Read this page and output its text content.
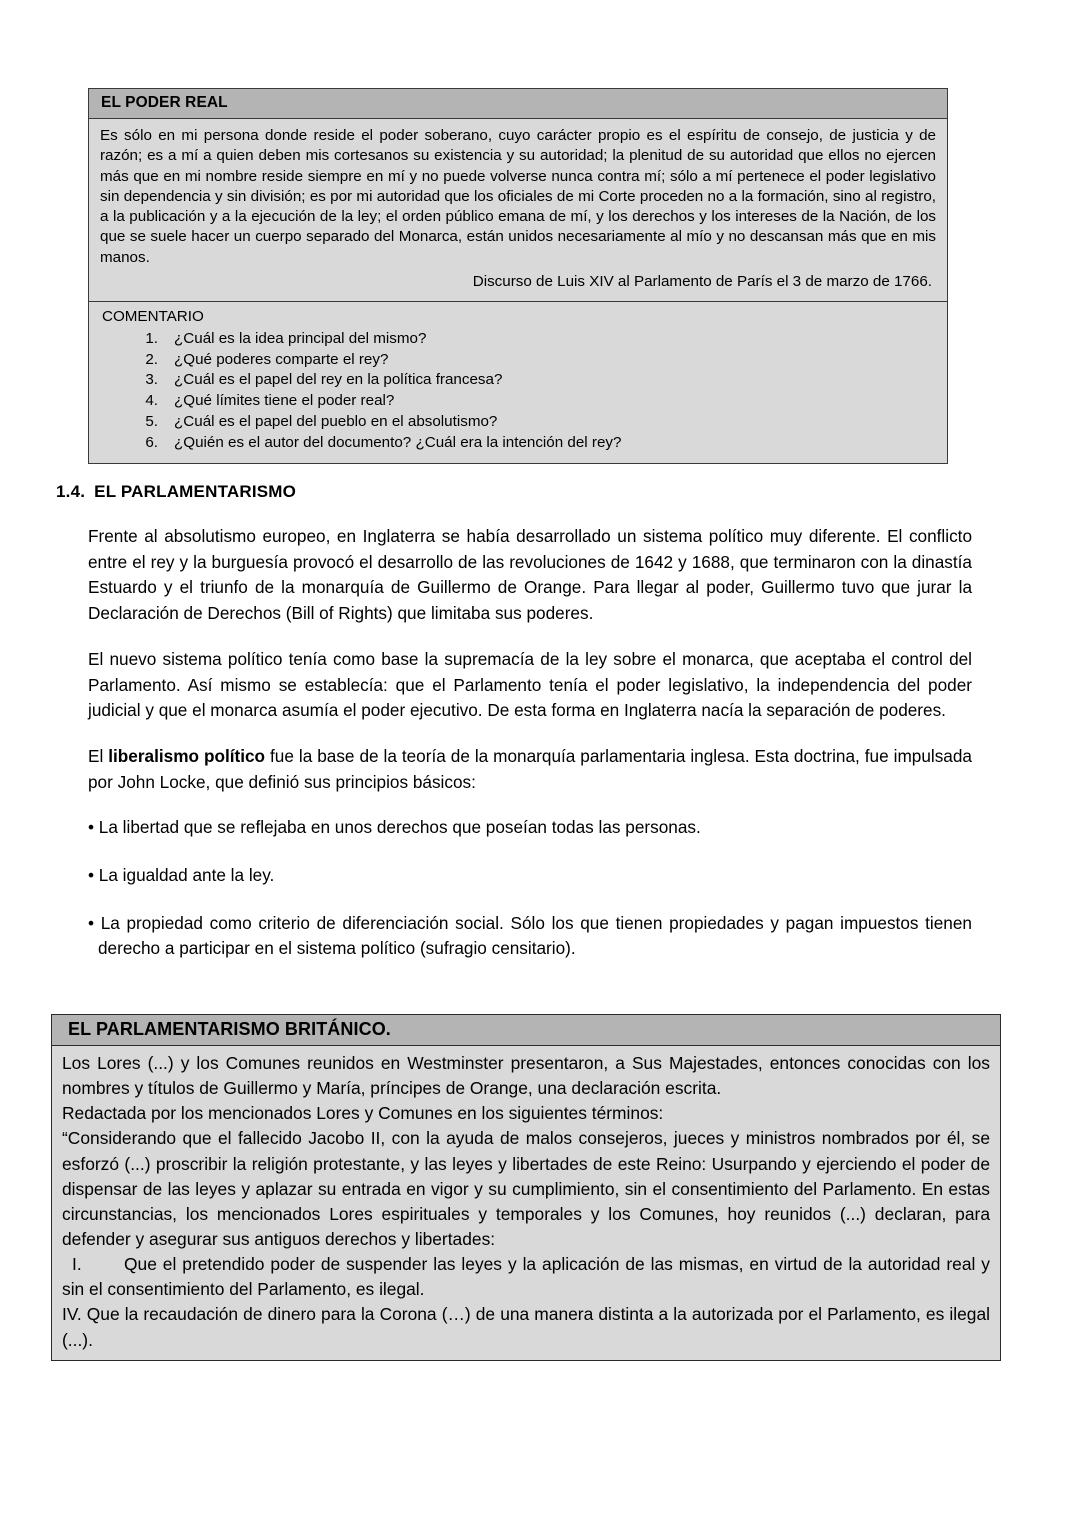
EL PODER REAL

Es sólo en mi persona donde reside el poder soberano, cuyo carácter propio es el espíritu de consejo, de justicia y de razón; es a mí a quien deben mis cortesanos su existencia y su autoridad; la plenitud de su autoridad que ellos no ejercen más que en mi nombre reside siempre en mí y no puede volverse nunca contra mí; sólo a mí pertenece el poder legislativo sin dependencia y sin división; es por mi autoridad que los oficiales de mi Corte proceden no a la formación, sino al registro, a la publicación y a la ejecución de la ley; el orden público emana de mí, y los derechos y los intereses de la Nación, de los que se suele hacer un cuerpo separado del Monarca, están unidos necesariamente al mío y no descansan más que en mis manos.

Discurso de Luis XIV al Parlamento de París el 3 de marzo de 1766.

COMENTARIO
1.	¿Cuál es la idea principal del mismo?
2.	¿Qué poderes comparte el rey?
3.	¿Cuál es el papel del rey en la política francesa?
4.	¿Qué límites tiene el poder real?
5.	¿Cuál es el papel del pueblo en el absolutismo?
6.	¿Quién es el autor del documento? ¿Cuál era la intención del rey?
1.4. EL PARLAMENTARISMO

Frente al absolutismo europeo, en Inglaterra se había desarrollado un sistema político muy diferente. El conflicto entre el rey y la burguesía provocó el desarrollo de las revoluciones de 1642 y 1688, que terminaron con la dinastía Estuardo y el triunfo de la monarquía de Guillermo de Orange. Para llegar al poder, Guillermo tuvo que jurar la Declaración de Derechos (Bill of Rights) que limitaba sus poderes.

El nuevo sistema político tenía como base la supremacía de la ley sobre el monarca, que aceptaba el control del Parlamento. Así mismo se establecía: que el Parlamento tenía el poder legislativo, la independencia del poder judicial y que el monarca asumía el poder ejecutivo. De esta forma en Inglaterra nacía la separación de poderes.

El liberalismo político fue la base de la teoría de la monarquía parlamentaria inglesa. Esta doctrina, fue impulsada por John Locke, que definió sus principios básicos:

• La libertad que se reflejaba en unos derechos que poseían todas las personas.

• La igualdad ante la ley.

• La propiedad como criterio de diferenciación social. Sólo los que tienen propiedades y pagan impuestos tienen derecho a participar en el sistema político (sufragio censitario).

EL PARLAMENTARISMO BRITÁNICO.

Los Lores (...) y los Comunes reunidos en Westminster presentaron, a Sus Majestades, entonces conocidas con los nombres y títulos de Guillermo y María, príncipes de Orange, una declaración escrita.

Redactada por los mencionados Lores y Comunes en los siguientes términos:

“Considerando que el fallecido Jacobo II, con la ayuda de malos consejeros, jueces y ministros nombrados por él, se esforzó (...) proscribir la religión protestante, y las leyes y libertades de este Reino: Usurpando y ejerciendo el poder de dispensar de las leyes y aplazar su entrada en vigor y su cumplimiento, sin el consentimiento del Parlamento. En estas circunstancias, los mencionados Lores espirituales y temporales y los Comunes, hoy reunidos (...) declaran, para defender y asegurar sus antiguos derechos y libertades:

I. Que el pretendido poder de suspender las leyes y la aplicación de las mismas, en virtud de la autoridad real y sin el consentimiento del Parlamento, es ilegal.

IV. Que la recaudación de dinero para la Corona (…) de una manera distinta a la autorizada por el Parlamento, es ilegal (...).
